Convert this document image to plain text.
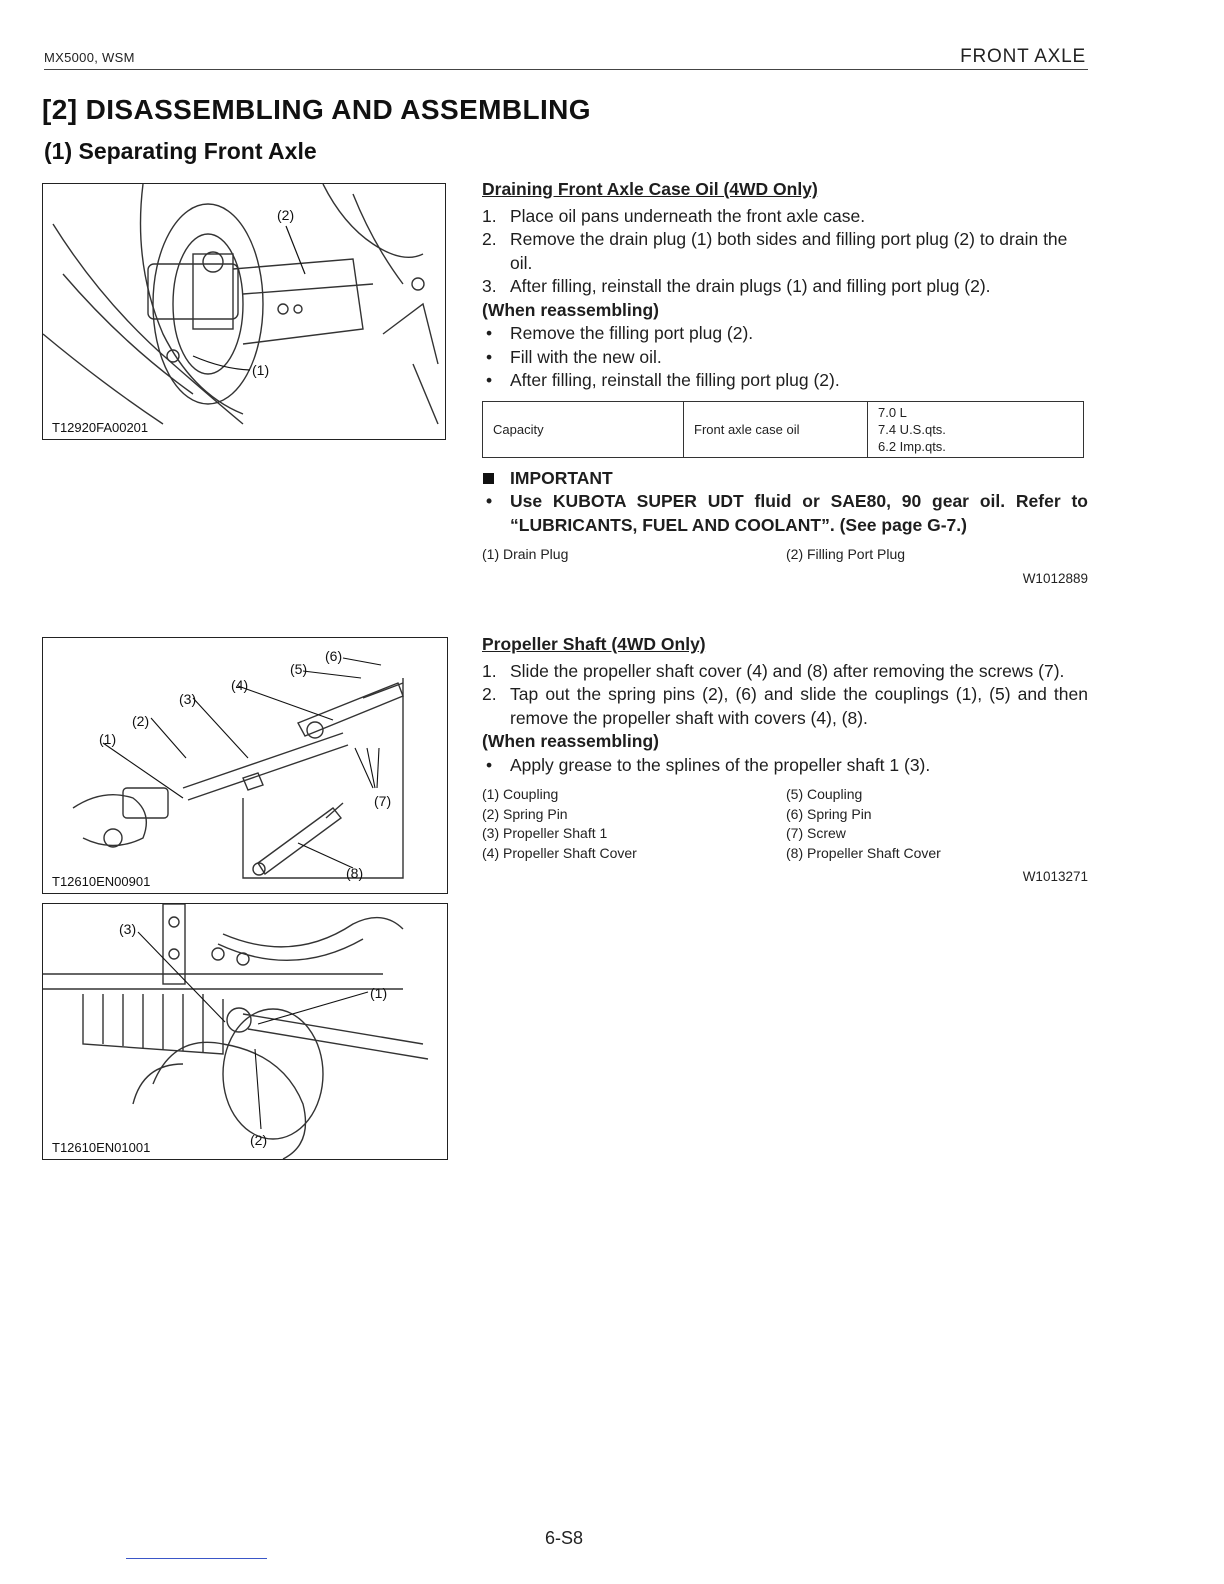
MX5000, WSM	FRONT AXLE
[2] DISASSEMBLING AND ASSEMBLING
(1) Separating Front Axle
(2)
(1)
T12920FA00201
(1)
(2)
(3)
(4)
(5)
(6)
(7)
(8)
T12610EN00901
(3)
(1)
(2)
T12610EN01001
Draining Front Axle Case Oil (4WD Only)
1. Place oil pans underneath the front axle case.
2. Remove the drain plug (1) both sides and filling port plug (2) to drain the oil.
3. After filling, reinstall the drain plugs (1) and filling port plug (2).
(When reassembling)
• Remove the filling port plug (2).
• Fill with the new oil.
• After filling, reinstall the filling port plug (2).
Capacity	Front axle case oil	
7.0 L
7.4 U.S.qts.
6.2 Imp.qts.
IMPORTANT
• Use KUBOTA SUPER UDT fluid or SAE80, 90 gear oil. Refer to “LUBRICANTS, FUEL AND COOLANT”. (See page G-7.)
(1) Drain Plug	(2) Filling Port Plug
W1012889
Propeller Shaft (4WD Only)
1. Slide the propeller shaft cover (4) and (8) after removing the screws (7).
2. Tap out the spring pins (2), (6) and slide the couplings (1), (5) and then remove the propeller shaft with covers (4), (8).
(When reassembling)
• Apply grease to the splines of the propeller shaft 1 (3).
(1) Coupling	(5) Coupling
(2) Spring Pin	(6) Spring Pin
(3) Propeller Shaft 1	(7) Screw
(4) Propeller Shaft Cover	(8) Propeller Shaft Cover
W1013271
6-S8
